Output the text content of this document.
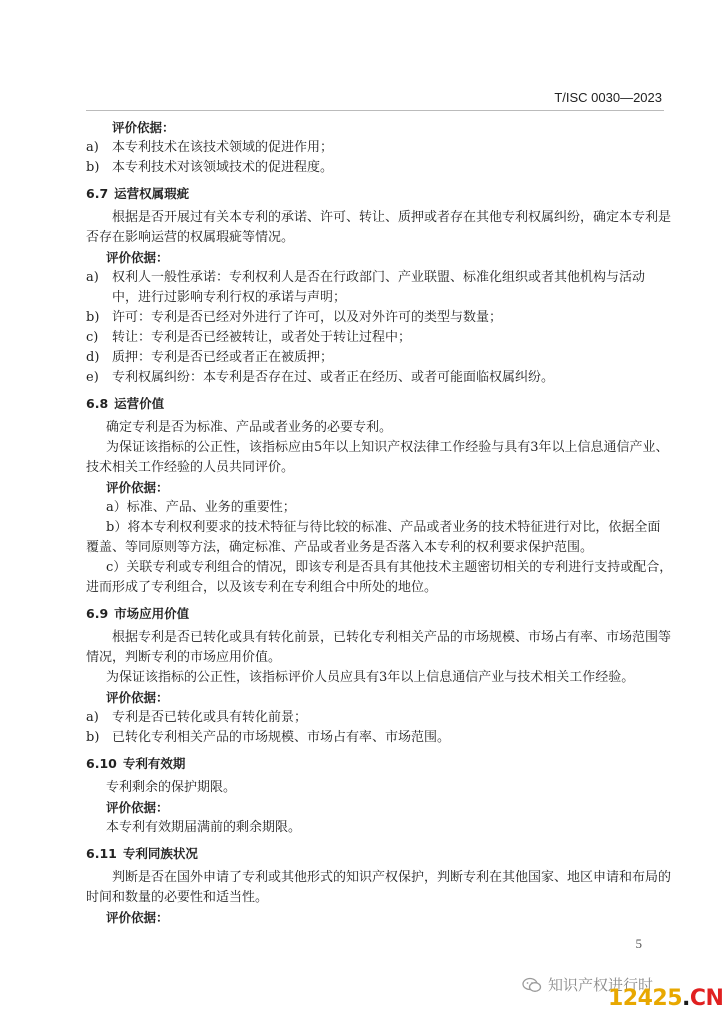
T/ISC 0030—2023
评价依据：
a)	本专利技术在该技术领域的促进作用；
b) 本专利技术对该领域技术的促进程度。
6.7 运营权属瑕疵
根据是否开展过有关本专利的承诺、许可、转让、质押或者存在其他专利权属纠纷，确定本专利是
否存在影响运营的权属瑕疵等情况。
评价依据：
a)	权利人一般性承诺：专利权利人是否在行政部门、产业联盟、标准化组织或者其他机构与活动
中，进行过影响专利行权的承诺与声明；
b) 许可：专利是否已经对外进行了许可，以及对外许可的类型与数量；
c)	转让：专利是否已经被转让，或者处于转让过程中；
d) 质押：专利是否已经或者正在被质押；
e)	专利权属纠纷：本专利是否存在过、或者正在经历、或者可能面临权属纠纷。
6.8 运营价值
确定专利是否为标准、产品或者业务的必要专利。
为保证该指标的公正性，该指标应由5年以上知识产权法律工作经验与具有3年以上信息通信产业、
技术相关工作经验的人员共同评价。
评价依据：
a）标准、产品、业务的重要性；
b）将本专利权利要求的技术特征与待比较的标准、产品或者业务的技术特征进行对比，依据全面
覆盖、等同原则等方法，确定标准、产品或者业务是否落入本专利的权利要求保护范围。
c）关联专利或专利组合的情况，即该专利是否具有其他技术主题密切相关的专利进行支持或配合，
进而形成了专利组合，以及该专利在专利组合中所处的地位。
6.9 市场应用价值
根据专利是否已转化或具有转化前景，已转化专利相关产品的市场规模、市场占有率、市场范围等
情况，判断专利的市场应用价值。
为保证该指标的公正性，该指标评价人员应具有3年以上信息通信产业与技术相关工作经验。
评价依据：
a)	专利是否已转化或具有转化前景；
b) 已转化专利相关产品的市场规模、市场占有率、市场范围。
6.10 专利有效期
专利剩余的保护期限。
评价依据：
本专利有效期届满前的剩余期限。
6.11 专利同族状况
判断是否在国外申请了专利或其他形式的知识产权保护，判断专利在其他国家、地区申请和布局的
时间和数量的必要性和适当性。
评价依据：
5
知识产权进行时
12425.CN
